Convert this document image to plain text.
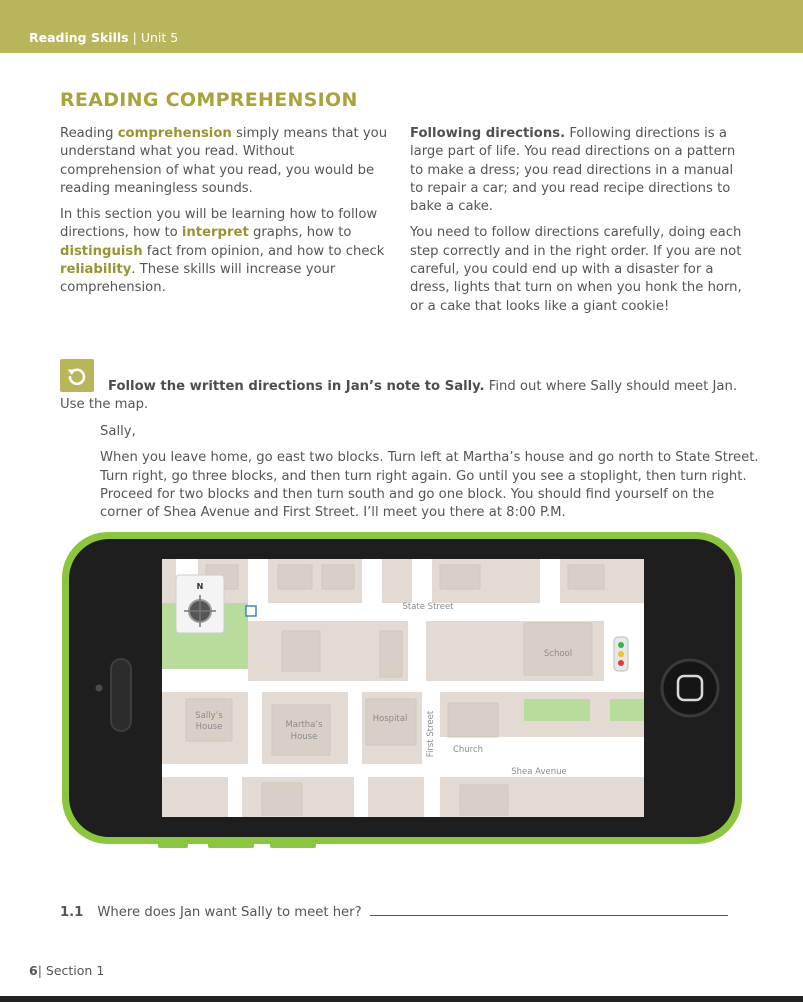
Reading Skills | Unit 5
READING COMPREHENSION

Reading comprehension simply means that you understand what you read. Without comprehension of what you read, you would be reading meaningless sounds.

In this section you will be learning how to follow directions, how to interpret graphs, how to distinguish fact from opinion, and how to check reliability. These skills will increase your comprehension.

Following directions. Following directions is a large part of life. You read directions on a pattern to make a dress; you read directions in a manual to repair a car; and you read recipe directions to bake a cake.

You need to follow directions carefully, doing each step correctly and in the right order. If you are not careful, you could end up with a disaster for a dress, lights that turn on when you honk the horn, or a cake that looks like a giant cookie!

Follow the written directions in Jan’s note to Sally. Find out where Sally should meet Jan. Use the map.

Sally,

When you leave home, go east two blocks. Turn left at Martha’s house and go north to State Street. Turn right, go three blocks, and then turn right again. Go until you see a stoplight, then turn right. Proceed for two blocks and then turn south and go one block. You should find yourself on the corner of Shea Avenue and First Street. I’ll meet you there at 8:00 P.M.

N
State Street
School
Sally’s
House	Martha’s
House
Hospital First Street Church
Shea Avenue
1.1 Where does Jan want Sally to meet her?
6| Section 1
